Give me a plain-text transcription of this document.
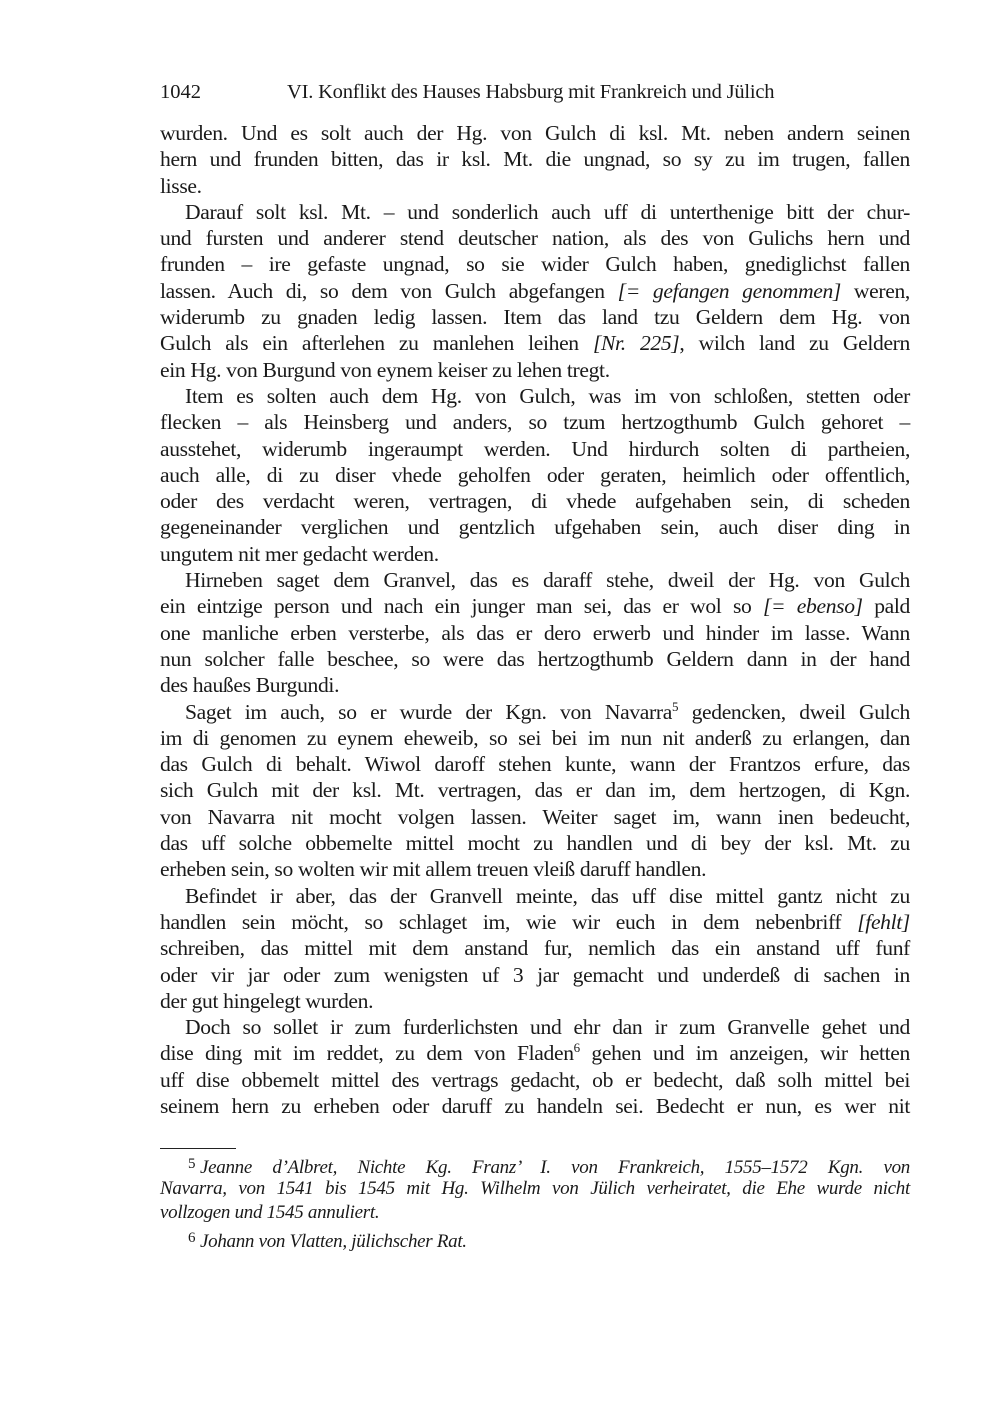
1042	VI. Konflikt des Hauses Habsburg mit Frankreich und Jülich

wurden. Und es solt auch der Hg. von Gulch di ksl. Mt. neben andern seinen
hern und frunden bitten, das ir ksl. Mt. die ungnad, so sy zu im trugen, fallen
lisse.

Darauf solt ksl. Mt. – und sonderlich auch uff di unterthenige bitt der chur-
und fursten und anderer stend deutscher nation, als des von Gulichs hern und
frunden – ire gefaste ungnad, so sie wider Gulch haben, gnediglichst fallen
lassen. Auch di, so dem von Gulch abgefangen [= gefangen genommen] weren,
widerumb zu gnaden ledig lassen. Item das land tzu Geldern dem Hg. von
Gulch als ein afterlehen zu manlehen leihen [Nr. 225], wilch land zu Geldern
ein Hg. von Burgund von eynem keiser zu lehen tregt.

Item es solten auch dem Hg. von Gulch, was im von schloßen, stetten oder
flecken – als Heinsberg und anders, so tzum hertzogthumb Gulch gehoret –
ausstehet, widerumb ingeraumpt werden. Und hirdurch solten di partheien,
auch alle, di zu diser vhede geholfen oder geraten, heimlich oder offentlich,
oder des verdacht weren, vertragen, di vhede aufgehaben sein, di scheden
gegeneinander verglichen und gentzlich ufgehaben sein, auch diser ding in
ungutem nit mer gedacht werden.

Hirneben saget dem Granvel, das es daraff stehe, dweil der Hg. von Gulch
ein eintzige person und nach ein junger man sei, das er wol so [= ebenso] pald
one manliche erben versterbe, als das er dero erwerb und hinder im lasse. Wann
nun solcher falle beschee, so were das hertzogthumb Geldern dann in der hand
des haußes Burgundi.

Saget im auch, so er wurde der Kgn. von Navarra$^5$ gedencken, dweil Gulch
im di genomen zu eynem eheweib, so sei bei im nun nit anderß zu erlangen, dan
das Gulch di behalt. Wiwol daroff stehen kunte, wann der Frantzos erfure, das
sich Gulch mit der ksl. Mt. vertragen, das er dan im, dem hertzogen, di Kgn.
von Navarra nit mocht volgen lassen. Weiter saget im, wann inen bedeucht,
das uff solche obbemelte mittel mocht zu handlen und di bey der ksl. Mt. zu
erheben sein, so wolten wir mit allem treuen vleiß daruff handlen.

Befindet ir aber, das der Granvell meinte, das uff dise mittel gantz nicht zu
handlen sein möcht, so schlaget im, wie wir euch in dem nebenbriff [fehlt]
schreiben, das mittel mit dem anstand fur, nemlich das ein anstand uff funf
oder vir jar oder zum wenigsten uf 3 jar gemacht und underdeß di sachen in
der gut hingelegt wurden.

Doch so sollet ir zum furderlichsten und ehr dan ir zum Granvelle gehet und
dise ding mit im reddet, zu dem von Fladen$^6$ gehen und im anzeigen, wir hetten
uff dise obbemelt mittel des vertrags gedacht, ob er bedecht, daß solh mittel bei
seinem hern zu erheben oder daruff zu handeln sei. Bedecht er nun, es wer nit

5 Jeanne d’Albret, Nichte Kg. Franz’ I. von Frankreich, 1555–1572 Kgn. von
Navarra, von 1541 bis 1545 mit Hg. Wilhelm von Jülich verheiratet, die Ehe wurde nicht
vollzogen und 1545 annuliert.
6 Johann von Vlatten, jülichscher Rat.
